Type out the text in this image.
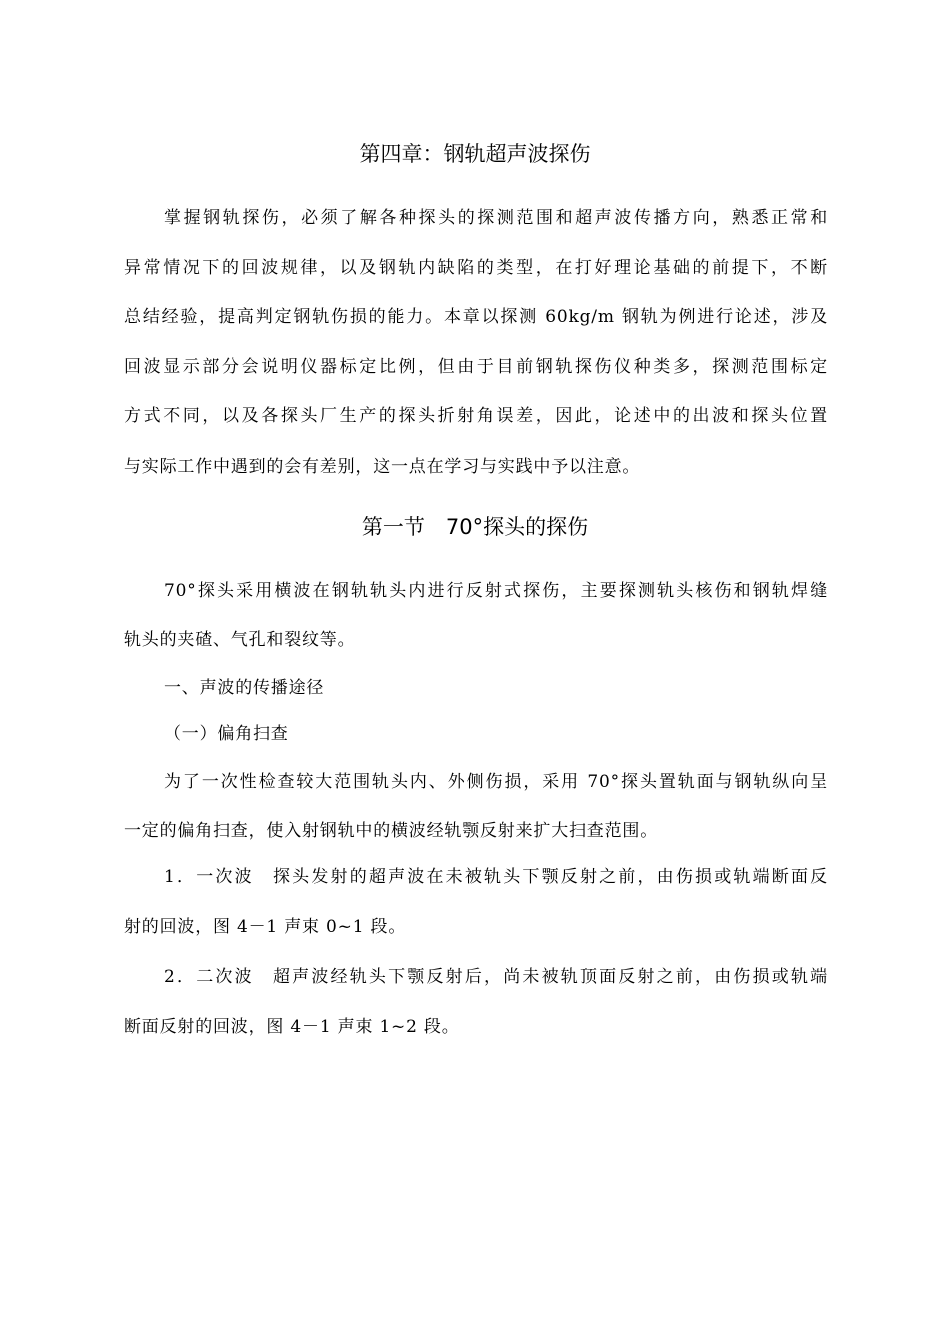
第四章：钢轨超声波探伤
掌握钢轨探伤，必须了解各种探头的探测范围和超声波传播方向，熟悉正常和
异常情况下的回波规律，以及钢轨内缺陷的类型，在打好理论基础的前提下，不断
总结经验，提高判定钢轨伤损的能力。本章以探测 60kg/m 钢轨为例进行论述，涉及
回波显示部分会说明仪器标定比例，但由于目前钢轨探伤仪种类多，探测范围标定
方式不同，以及各探头厂生产的探头折射角误差，因此，论述中的出波和探头位置
与实际工作中遇到的会有差别，这一点在学习与实践中予以注意。
第一节　70°探头的探伤
70°探头采用横波在钢轨轨头内进行反射式探伤，主要探测轨头核伤和钢轨焊缝
轨头的夹碴、气孔和裂纹等。
一、声波的传播途径
（一）偏角扫查
为了一次性检查较大范围轨头内、外侧伤损，采用 70°探头置轨面与钢轨纵向呈
一定的偏角扫查，使入射钢轨中的横波经轨颚反射来扩大扫查范围。
1．一次波　探头发射的超声波在未被轨头下颚反射之前，由伤损或轨端断面反
射的回波，图 4－1 声束 0~1 段。
2．二次波　超声波经轨头下颚反射后，尚未被轨顶面反射之前，由伤损或轨端
断面反射的回波，图 4－1 声束 1~2 段。
